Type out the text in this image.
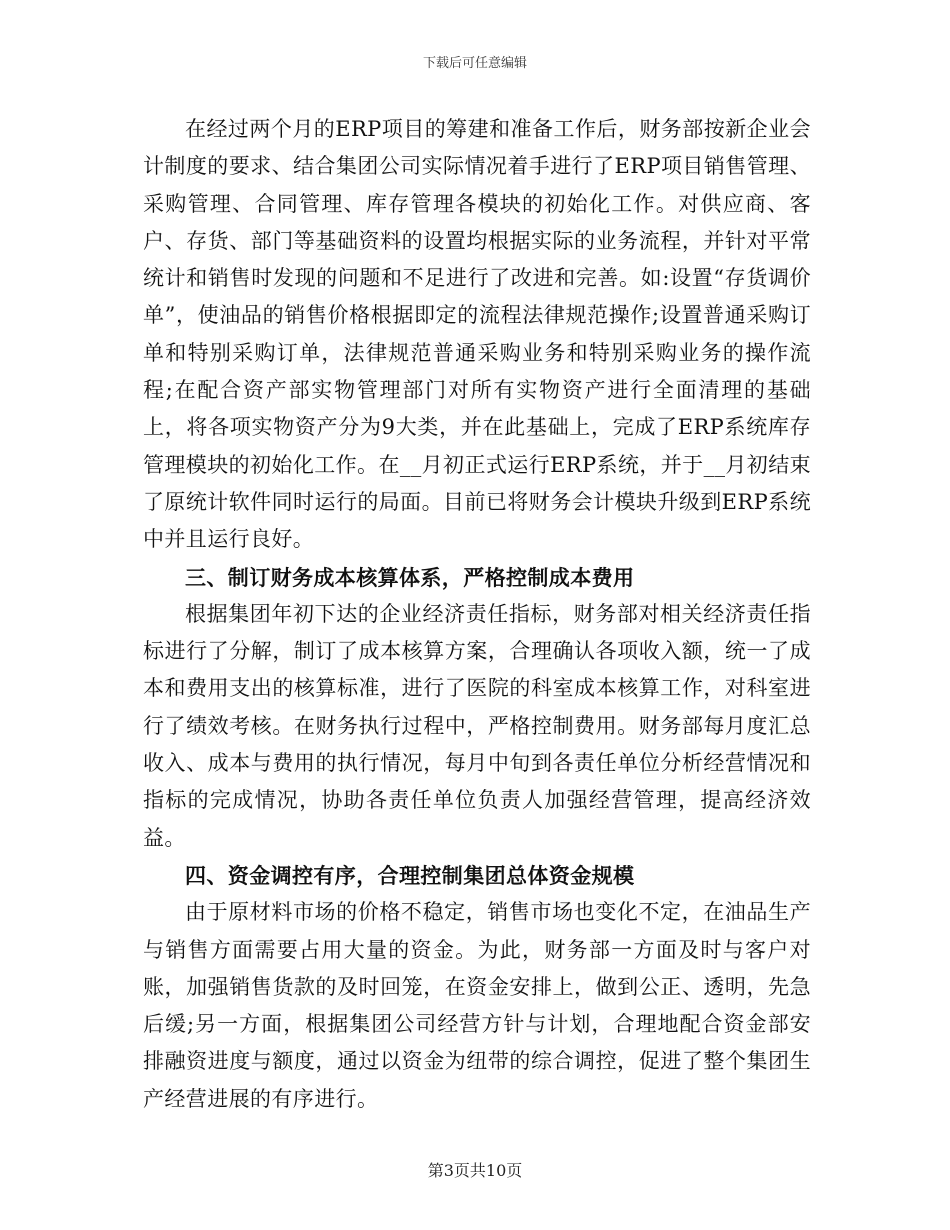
下载后可任意编辑

在经过两个月的ERP项目的筹建和准备工作后，财务部按新企业会计制度的要求、结合集团公司实际情况着手进行了ERP项目销售管理、采购管理、合同管理、库存管理各模块的初始化工作。对供应商、客户、存货、部门等基础资料的设置均根据实际的业务流程，并针对平常统计和销售时发现的问题和不足进行了改进和完善。如:设置“存货调价单”，使油品的销售价格根据即定的流程法律规范操作;设置普通采购订单和特别采购订单，法律规范普通采购业务和特别采购业务的操作流程;在配合资产部实物管理部门对所有实物资产进行全面清理的基础上，将各项实物资产分为9大类，并在此基础上，完成了ERP系统库存管理模块的初始化工作。在__月初正式运行ERP系统，并于__月初结束了原统计软件同时运行的局面。目前已将财务会计模块升级到ERP系统中并且运行良好。

三、制订财务成本核算体系，严格控制成本费用

根据集团年初下达的企业经济责任指标，财务部对相关经济责任指标进行了分解，制订了成本核算方案，合理确认各项收入额，统一了成本和费用支出的核算标准，进行了医院的科室成本核算工作，对科室进行了绩效考核。在财务执行过程中，严格控制费用。财务部每月度汇总收入、成本与费用的执行情况，每月中旬到各责任单位分析经营情况和指标的完成情况，协助各责任单位负责人加强经营管理，提高经济效益。

四、资金调控有序，合理控制集团总体资金规模

由于原材料市场的价格不稳定，销售市场也变化不定，在油品生产与销售方面需要占用大量的资金。为此，财务部一方面及时与客户对账，加强销售货款的及时回笼，在资金安排上，做到公正、透明，先急后缓;另一方面，根据集团公司经营方针与计划，合理地配合资金部安排融资进度与额度，通过以资金为纽带的综合调控，促进了整个集团生产经营进展的有序进行。

第3页共10页
